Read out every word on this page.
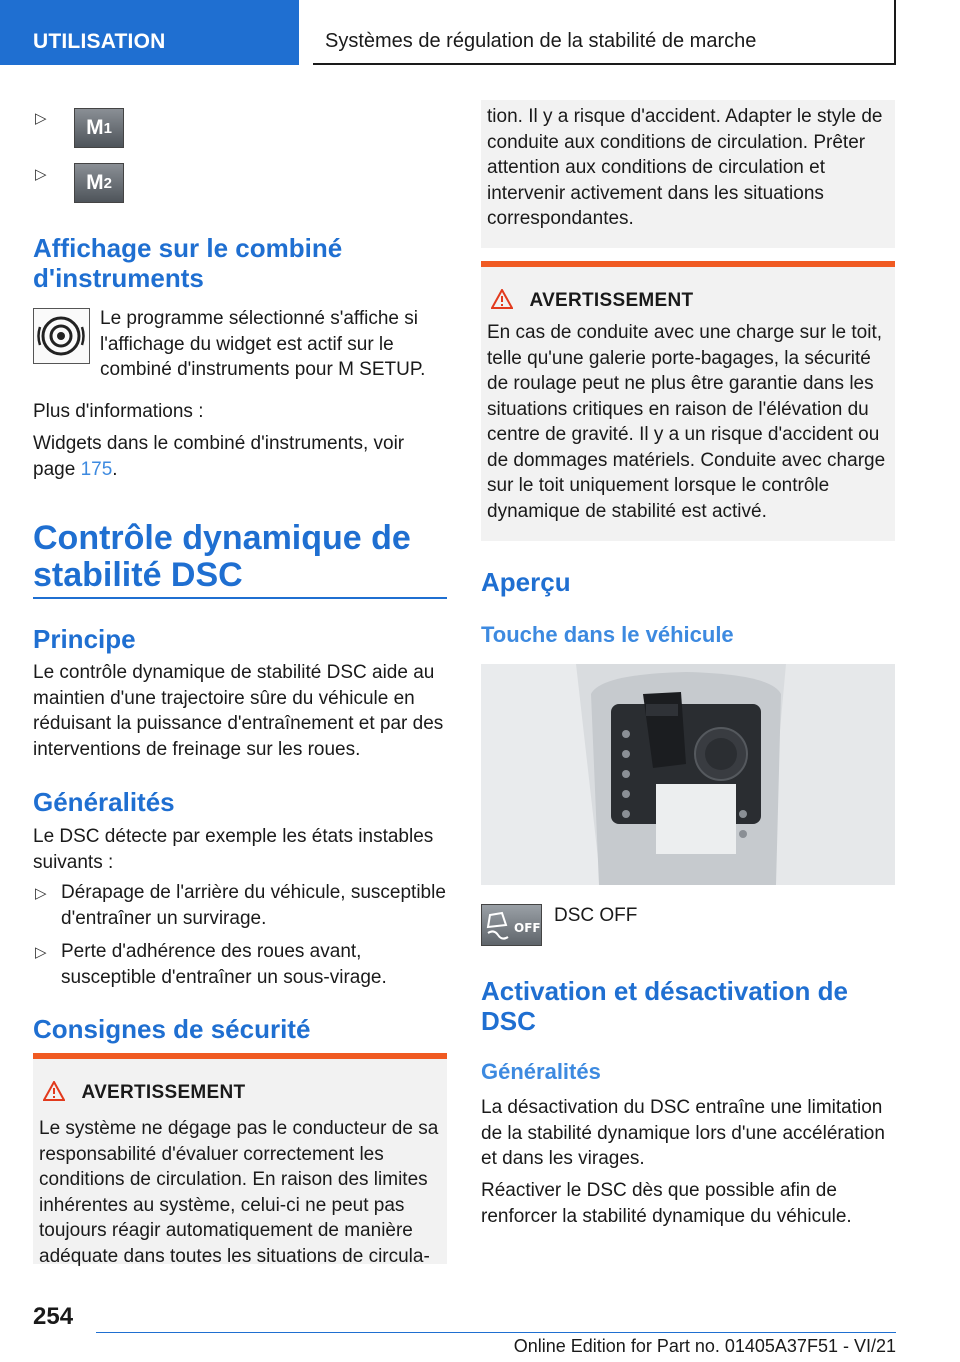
UTILISATION	Systèmes de régulation de la stabilité de marche
▷ M 1
▷ M 2
Affichage sur le combiné d'instruments
Le programme sélectionné s'affiche si l'affichage du widget est actif sur le combiné d'instruments pour M SETUP.
Plus d'informations :
Widgets dans le combiné d'instruments, voir page 175.
Contrôle dynamique de stabilité DSC
Principe
Le contrôle dynamique de stabilité DSC aide au maintien d'une trajectoire sûre du véhicule en réduisant la puissance d'entraînement et par des interventions de freinage sur les roues.
Généralités
Le DSC détecte par exemple les états instables suivants :
▷ Dérapage de l'arrière du véhicule, susceptible d'entraîner un survirage.
▷ Perte d'adhérence des roues avant, susceptible d'entraîner un sous-virage.
Consignes de sécurité
AVERTISSEMENT
Le système ne dégage pas le conducteur de sa responsabilité d'évaluer correctement les conditions de circulation. En raison des limites inhérentes au système, celui-ci ne peut pas toujours réagir automatiquement de manière adéquate dans toutes les situations de circula-
tion. Il y a risque d'accident. Adapter le style de conduite aux conditions de circulation. Prêter attention aux conditions de circulation et intervenir activement dans les situations correspondantes.
AVERTISSEMENT
En cas de conduite avec une charge sur le toit, telle qu'une galerie porte-bagages, la sécurité de roulage peut ne plus être garantie dans les situations critiques en raison de l'élévation du centre de gravité. Il y a un risque d'accident ou de dommages matériels. Conduite avec charge sur le toit uniquement lorsque le contrôle dynamique de stabilité est activé.
Aperçu
Touche dans le véhicule
OFF
DSC OFF
Activation et désactivation de DSC
Généralités
La désactivation du DSC entraîne une limitation de la stabilité dynamique lors d'une accélération et dans les virages.
Réactiver le DSC dès que possible afin de renforcer la stabilité dynamique du véhicule.
254
Online Edition for Part no. 01405A37F51 - VI/21
